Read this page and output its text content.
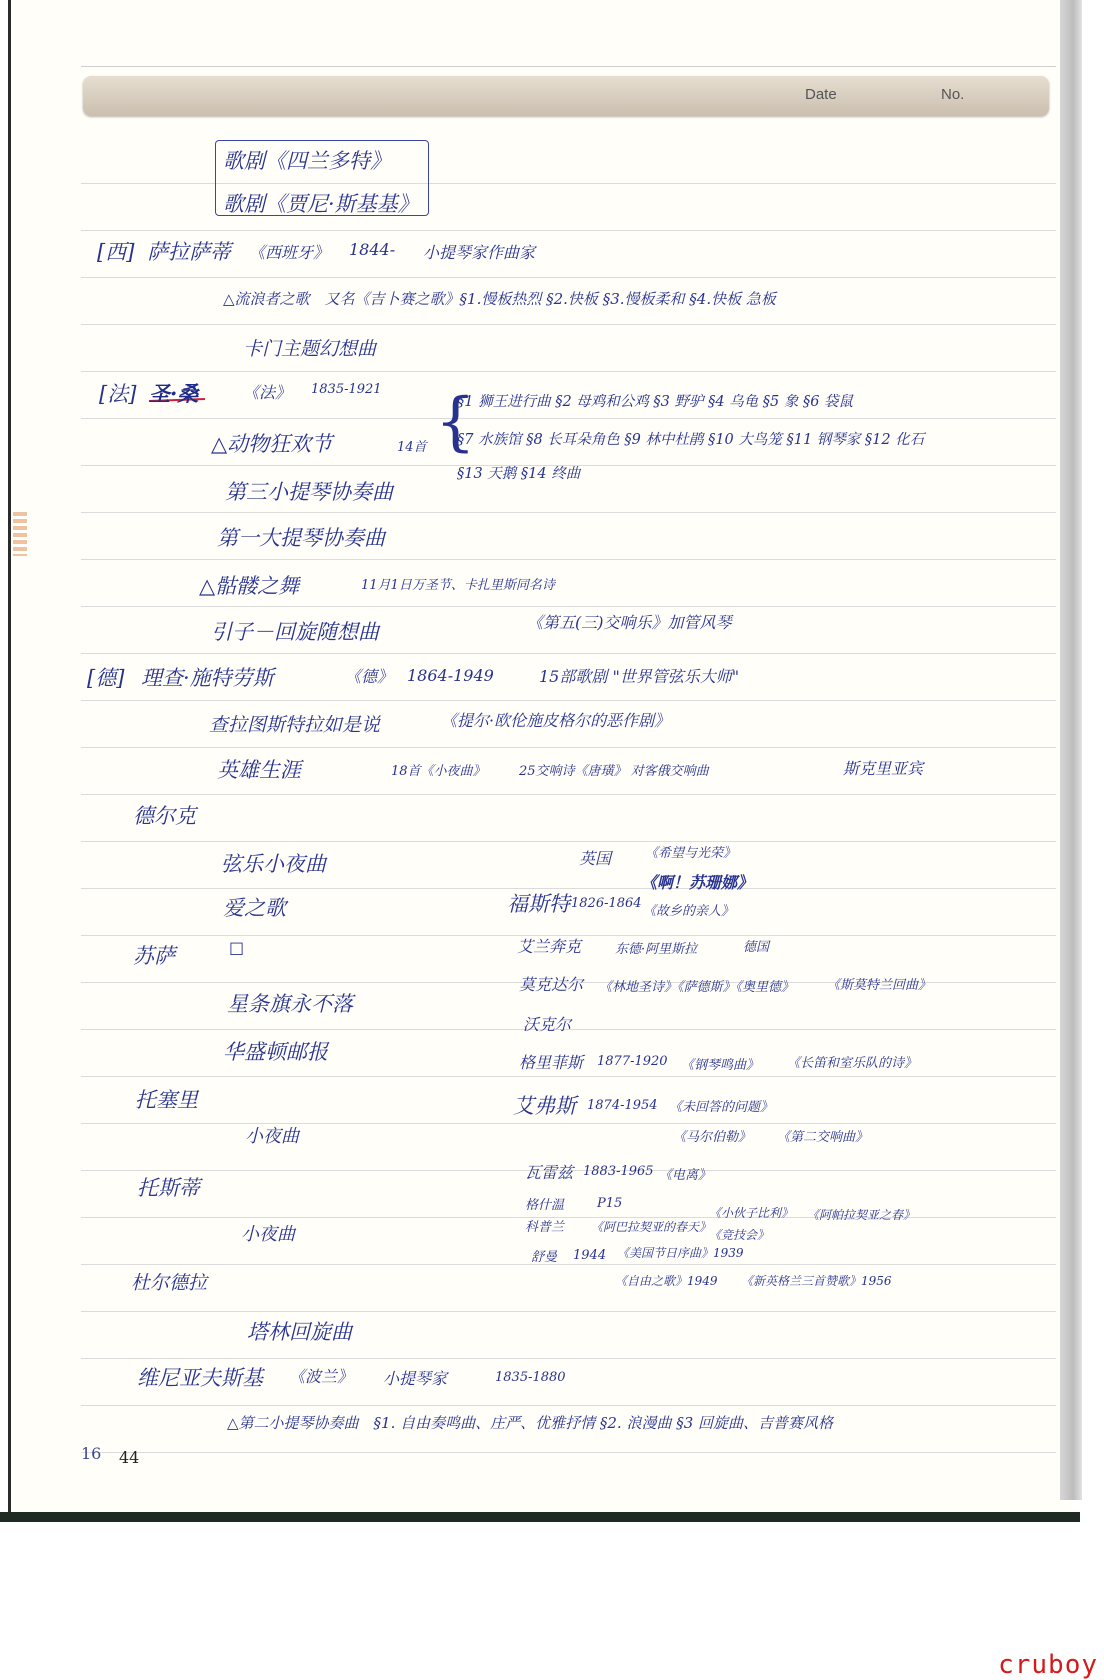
Date	No.
歌剧《四兰多特》
歌剧《贾尼·斯基基》
[西] 萨拉萨蒂 《西班牙》 1844- 小提琴家作曲家
△流浪者之歌　又名《吉卜赛之歌》§1.慢板热烈 §2.快板 §3.慢板柔和 §4.快板 急板
卡门主题幻想曲
[法] 圣·桑	《法》 1835-1921
△动物狂欢节	14首 {
§1 狮王进行曲 §2 母鸡和公鸡 §3 野驴 §4 乌龟 §5 象 §6 袋鼠
§7 水族馆 §8 长耳朵角色 §9 林中杜鹃 §10 大鸟笼 §11 钢琴家 §12 化石
§13 天鹅 §14 终曲
第三小提琴协奏曲
第一大提琴协奏曲
△骷髅之舞	11月1日万圣节、卡扎里斯同名诗
引子－回旋随想曲	《第五(三)交响乐》加管风琴
[德] 理查·施特劳斯	《德》 1864-1949	15部歌剧 "世界管弦乐大师"
查拉图斯特拉如是说	《提尔·欧伦施皮格尔的恶作剧》
英雄生涯	18首《小夜曲》	25交响诗《唐璜》 对客俄交响曲	斯克里亚宾
德尔克
弦乐小夜曲	英国	《希望与光荣》
福斯特 1826-1864
《啊！苏珊娜》
爱之歌	《故乡的亲人》
苏萨	□	艾兰奔克	东德·阿里斯拉	德国
星条旗永不落
莫克达尔 《林地圣诗》《萨德斯》《奥里德》	《斯莫特兰回曲》
华盛顿邮报
沃克尔
托塞里
格里菲斯 1877-1920 《钢琴鸣曲》 《长笛和室乐队的诗》
艾弗斯 1874-1954 《未回答的问题》
小夜曲	《马尔伯勒》 《第二交响曲》
托斯蒂
瓦雷兹 1883-1965 《电离》
格什温	P15
科普兰 《阿巴拉契亚的春天》
《小伙子比利》 《阿帕拉契亚之春》
《竞技会》
小夜曲
舒曼 1944 《美国节日序曲》1939
杜尔德拉	《自由之歌》1949 《新英格兰三首赞歌》1956
塔林回旋曲
维尼亚夫斯基 《波兰》 小提琴家	1835-1880
△第二小提琴协奏曲　§1. 自由奏鸣曲、庄严、优雅抒情 §2. 浪漫曲 §3 回旋曲、吉普赛风格
16 44
cruboy
